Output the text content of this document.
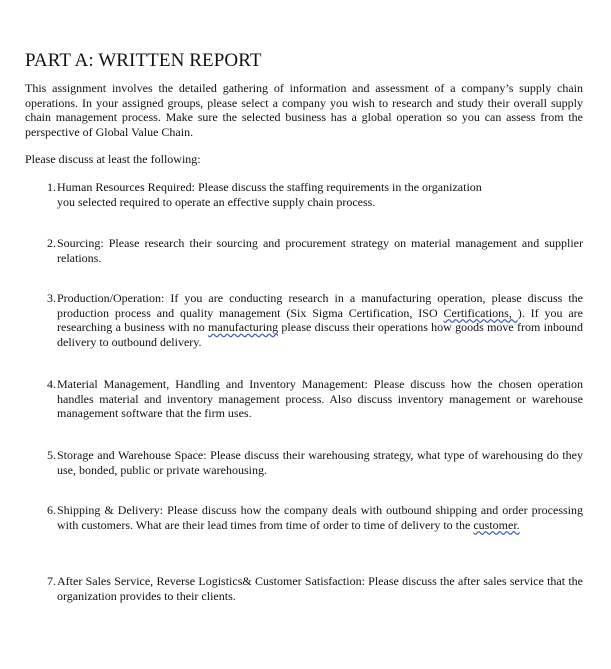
PART A: WRITTEN REPORT
This assignment involves the detailed gathering of information and assessment of a company’s supply chain operations. In your assigned groups, please select a company you wish to research and study their overall supply chain management process. Make sure the selected business has a global operation so you can assess from the perspective of Global Value Chain.
Please discuss at least the following:
1. Human Resources Required: Please discuss the staffing requirements in the organization
you selected required to operate an effective supply chain process.
2. Sourcing: Please research their sourcing and procurement strategy on material management and supplier relations.
3. Production/Operation: If you are conducting research in a manufacturing operation, please discuss the production process and quality management (Six Sigma Certification, ISO Certifications, ). If you are researching a business with no manufacturing please discuss their operations how goods move from inbound delivery to outbound delivery.
4. Material Management, Handling and Inventory Management: Please discuss how the chosen operation handles material and inventory management process. Also discuss inventory management or warehouse management software that the firm uses.
5. Storage and Warehouse Space: Please discuss their warehousing strategy, what type of warehousing do they use, bonded, public or private warehousing.
6. Shipping & Delivery: Please discuss how the company deals with outbound shipping and order processing with customers. What are their lead times from time of order to time of delivery to the customer.
7. After Sales Service, Reverse Logistics& Customer Satisfaction: Please discuss the after sales service that the organization provides to their clients.
